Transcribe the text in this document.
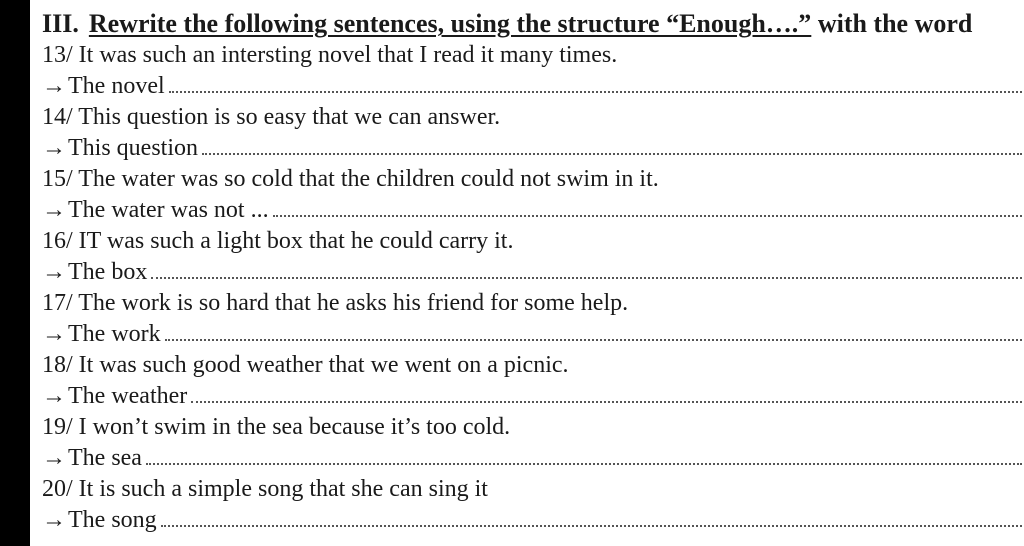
III. Rewrite the following sentences, using the structure “Enough….” with the word
13/ It was such an intersting novel that I read it many times.
→ The novel
14/ This question is so easy that we can answer.
→ This question
15/ The water was so cold that the children could not swim in it.
→ The water was not ...
16/ IT was such a light box that he could carry it.
→ The box
17/ The work is so hard that he asks his friend for some help.
→ The work
18/ It was such good weather that we went on a picnic.
→ The weather
19/ I won’t swim in the sea because it’s too cold.
→ The sea
20/ It is such a simple song that she can sing it
→ The song
